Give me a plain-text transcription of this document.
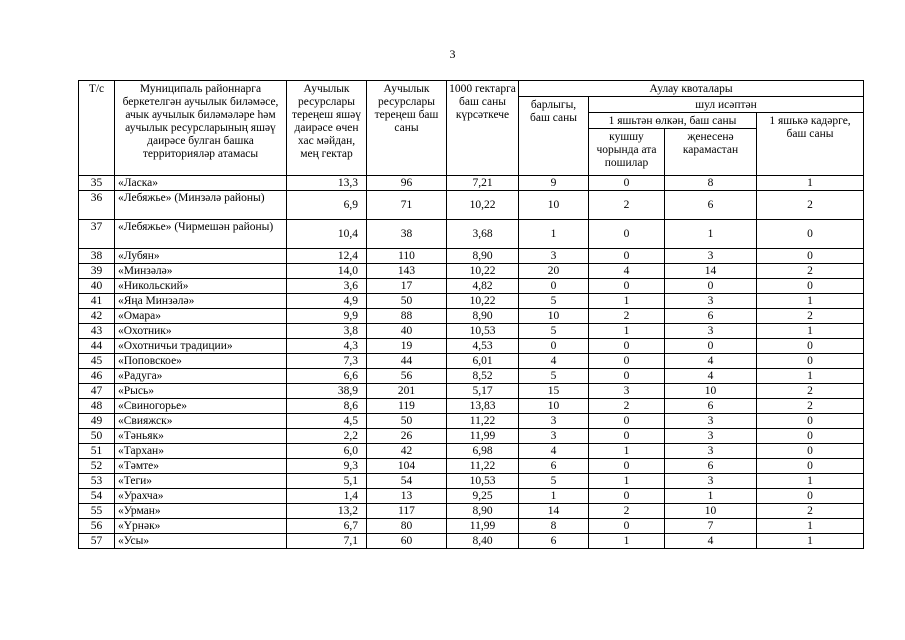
3
Т/с	Муниципаль районнарга беркетелгән аучылык биләмәсе, ачык аучылык биләмәләре һәм аучылык ресурсларының яшәү даирәсе булган башка территорияләр атамасы	Аучылык ресурслары тереңеш яшәү даирәсе өчен хас мәйдан, мең гектар	Аучылык ресурслары тереңеш баш саны	1000 гектарга баш саны күрсәткече	Аулау квоталары			
					барлыгы, баш саны	шул исәптән		
						1 яшьтән өлкән, баш саны		1 яшькә кадәрге, баш саны
						кушшу чорында ата пошилар	җенесенә карамастан	
35	«Ласка»	13,3	96	7,21	9	0	8	1
36	«Лебяжье» (Минзәлә районы)	6,9	71	10,22	10	2	6	2
37	«Лебяжье» (Чирмешән районы)	10,4	38	3,68	1	0	1	0
38	«Лубян»	12,4	110	8,90	3	0	3	0
39	«Минзәлә»	14,0	143	10,22	20	4	14	2
40	«Никольский»	3,6	17	4,82	0	0	0	0
41	«Яңа Минзәлә»	4,9	50	10,22	5	1	3	1
42	«Омара»	9,9	88	8,90	10	2	6	2
43	«Охотник»	3,8	40	10,53	5	1	3	1
44	«Охотничьи традиции»	4,3	19	4,53	0	0	0	0
45	«Поповское»	7,3	44	6,01	4	0	4	0
46	«Радуга»	6,6	56	8,52	5	0	4	1
47	«Рысь»	38,9	201	5,17	15	3	10	2
48	«Свиногорье»	8,6	119	13,83	10	2	6	2
49	«Свияжск»	4,5	50	11,22	3	0	3	0
50	«Тәньяк»	2,2	26	11,99	3	0	3	0
51	«Тархан»	6,0	42	6,98	4	1	3	0
52	«Тәмте»	9,3	104	11,22	6	0	6	0
53	«Теги»	5,1	54	10,53	5	1	3	1
54	«Урахча»	1,4	13	9,25	1	0	1	0
55	«Урман»	13,2	117	8,90	14	2	10	2
56	«Үрнәк»	6,7	80	11,99	8	0	7	1
57	«Усы»	7,1	60	8,40	6	1	4	1
